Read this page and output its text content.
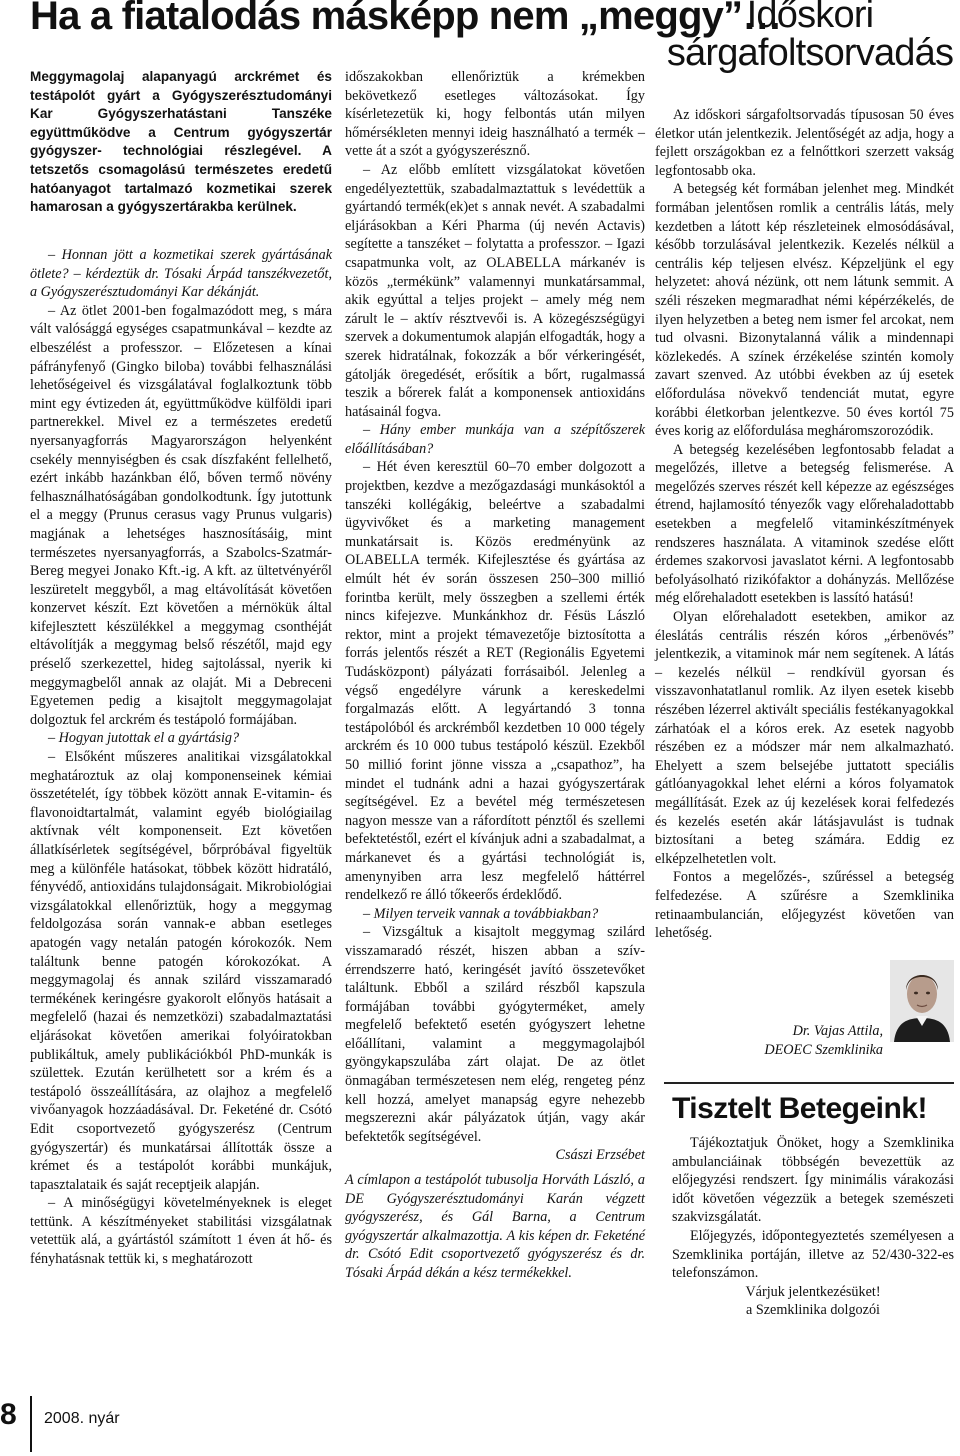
Ha a fiatalodás másképp nem „meggy”…
Időskori sárgafoltsorvadás
Meggymagolaj alapanyagú arckrémet és testápolót gyárt a Gyógyszerésztudományi Kar Gyógyszerhatástani Tanszéke együttműködve a Centrum gyógyszertár gyógyszer- technológiai részlegével. A tetszetős csomagolású természetes eredetű hatóanyagot tartalmazó kozmetikai szerek hamarosan a gyógyszertárakba kerülnek.

– Honnan jött a kozmetikai szerek gyártásának ötlete? – kérdeztük dr. Tósaki Árpád tanszékvezetőt, a Gyógyszerésztudományi Kar dékánját.

– Az ötlet 2001-ben fogalmazódott meg, s mára vált valósággá egységes csapatmunkával – kezdte az elbeszélést a professzor. – Előzetesen a kínai páfrányfenyő (Gingko biloba) további felhasználási lehetőségeivel és vizsgálatával foglalkoztunk több mint egy évtizeden át, együttműködve külföldi ipari partnerekkel. Mivel ez a természetes eredetű nyersanyagforrás Magyarországon helyenként csekély mennyiségben és csak díszfaként fellelhető, ezért inkább hazánkban élő, bőven termő növény felhasználhatóságában gondolkodtunk. Így jutottunk el a meggy (Prunus cerasus vagy Prunus vulgaris) magjának a lehetséges hasznosításáig, mint természetes nyersanyagforrás, a Szabolcs-Szatmár-Bereg megyei Jonako Kft.-ig. A kft. az ültetvényéről leszüretelt meggyből, a mag eltávolítását követően konzervet készít. Ezt követően a mérnökük által kifejlesztett készülékkel a meggymag csonthéját eltávolítják a meggymag belső részétől, majd egy préselő szerkezettel, hideg sajtolással, nyerik ki meggymagbelől annak az olaját. Mi a Debreceni Egyetemen pedig a kisajtolt meggymagolajat dolgoztuk fel arckrém és testápoló formájában.

– Hogyan jutottak el a gyártásig?

– Elsőként műszeres analitikai vizsgálatokkal meghatároztuk az olaj komponenseinek kémiai összetételét, így többek között annak E-vitamin- és flavonoidtartalmát, valamint egyéb biológiailag aktívnak vélt komponenseit. Ezt követően állatkísérletek segítségével, bőrpróbával figyeltük meg a különféle hatásokat, többek között hidratáló, fényvédő, antioxidáns tulajdonságait. Mikrobiológiai vizsgálatokkal ellenőriztük, hogy a meggymag feldolgozása során vannak-e abban esetleges apatogén vagy netalán patogén kórokozók. Nem találtunk benne patogén kórokozókat. A meggymagolaj és annak szilárd visszamaradó termékének keringésre gyakorolt előnyös hatásait a megfelelő (hazai és nemzetközi) szabadalmaztatási eljárásokat követően amerikai folyóiratokban publikáltuk, amely publikációkból PhD-munkák is születtek. Ezután kerülhetett sor a krém és a testápoló összeállítására, az olajhoz a megfelelő vivőanyagok hozzáadásával. Dr. Feketéné dr. Csótó Edit csoportvezető gyógyszerész (Centrum gyógyszertár) és munkatársai állították össze a krémet és a testápolót korábbi munkájuk, tapasztalataik és saját receptjeik alapján.

– A minőségügyi követelményeknek is eleget tettünk. A készítményeket stabilitási vizsgálatnak vetettük alá, a gyártástól számított 1 éven át hő- és fényhatásnak tettük ki, s meghatározott

időszakokban ellenőriztük a krémekben bekövetkező esetleges változásokat. Így kísérletezetük ki, hogy felbontás után milyen hőmérsékleten mennyi ideig használható a termék – vette át a szót a gyógyszerésznő.

– Az előbb említett vizsgálatokat követően engedélyeztettük, szabadalmaztattuk s levédettük a gyártandó termék(ek)et s annak nevét. A szabadalmi eljárásokban a Kéri Pharma (új nevén Actavis) segítette a tanszéket – folytatta a professzor. – Igazi csapatmunka volt, az OLABELLA márkanév is közös „termékünk” valamennyi munkatársammal, akik egyúttal a teljes projekt – amely még nem zárult le – aktív résztvevői is. A közegészségügyi szervek a dokumentumok alapján elfogadták, hogy a szerek hidratálnak, fokozzák a bőr vérkeringését, gátolják öregedését, erősítik a bőrt, rugalmassá teszik a bőrerek falát a komponensek antioxidáns hatásainál fogva.

– Hány ember munkája van a szépítőszerek előállításában?

– Hét éven keresztül 60–70 ember dolgozott a projektben, kezdve a mezőgazdasági munkásoktól a tanszéki kollégákig, beleértve a szabadalmi ügyvivőket és a marketing management munkatársait is. Közös eredményünk az OLABELLA termék. Kifejlesztése és gyártása az elmúlt hét év során összesen 250–300 millió forintba került, mely összegben a szellemi érték nincs kifejezve. Munkánkhoz dr. Fésüs László rektor, mint a projekt témavezetője biztosította a forrás jelentős részét a RET (Regionális Egyetemi Tudásközpont) pályázati forrásaiból. Jelenleg a végső engedélyre várunk a kereskedelmi forgalmazás előtt. A legyártandó 3 tonna testápolóból és arckrémből kezdetben 10 000 tégely arckrém és 10 000 tubus testápoló készül. Ezekből 50 millió forint jönne vissza a „csapathoz”, ha mindet el tudnánk adni a hazai gyógyszertárak segítségével. Ez a bevétel még természetesen nagyon messze van a ráfordított pénztől és szellemi befektetéstől, ezért el kívánjuk adni a szabadalmat, a márkanevet és a gyártási technológiát is, amenynyiben arra lesz megfelelő háttérrel rendelkező re álló tőkeerős érdeklődő.

– Milyen terveik vannak a továbbiakban?

– Vizsgáltuk a kisajtolt meggymag szilárd visszamaradó részét, hiszen abban a szív- érrendszerre ható, keringését javító összetevőket találtunk. Ebből a szilárd részből kapszula formájában további gyógyterméket, amely megfelelő befektető esetén gyógyszert lehetne előállítani, valamint a meggymagolajból gyöngykapszulába zárt olajat. De az ötlet önmagában természetesen nem elég, rengeteg pénz kell hozzá, amelyet manapság egyre nehezebb megszerezni akár pályázatok útján, vagy akár befektetők segítségével.

Császi Erzsébet

A címlapon a testápolót tubusolja Horváth László, a DE Gyógyszerésztudományi Karán végzett gyógyszerész, és Gál Barna, a Centrum gyógyszertár alkalmazottja. A kis képen dr. Feketéné dr. Csótó Edit csoportvezető gyógyszerész és dr. Tósaki Árpád dékán a kész termékekkel.

Az időskori sárgafoltsorvadás típusosan 50 éves életkor után jelentkezik. Jelentőségét az adja, hogy a fejlett országokban ez a felnőttkori szerzett vakság legfontosabb oka.

A betegség két formában jelenhet meg. Mindkét formában jelentősen romlik a centrális látás, mely kezdetben a látott kép részleteinek elmosódásával, később torzulásával jelentkezik. Kezelés nélkül a centrális kép teljesen elvész. Képzeljünk el egy helyzetet: ahová nézünk, ott nem látunk semmit. A széli részeken megmaradhat némi képérzékelés, de ilyen helyzetben a beteg nem ismer fel arcokat, nem tud olvasni. Bizonytalanná válik a mindennapi közlekedés. A színek érzékelése szintén komoly zavart szenved. Az utóbbi években az új esetek előfordulása növekvő tendenciát mutat, egyre korábbi életkorban jelentkezve. 50 éves kortól 75 éves korig az előfordulása megháromszorozódik.

A betegség kezelésében legfontosabb feladat a megelőzés, illetve a betegség felismerése. A megelőzés szerves részét kell képezze az egészséges étrend, hajlamosító tényezők vagy előrehaladottabb esetekben a megfelelő vitaminkészítmények rendszeres használata. A vitaminok szedése előtt érdemes szakorvosi javaslatot kérni. A legfontosabb befolyásolható rizikófaktor a dohányzás. Mellőzése még előrehaladott esetekben is lassító hatású!

Olyan előrehaladott esetekben, amikor az éleslátás centrális részén kóros „érbenövés” jelentkezik, a vitaminok már nem segítenek. A látás – kezelés nélkül – rendkívül gyorsan és visszavonhatatlanul romlik. Az ilyen esetek kisebb részében lézerrel aktivált speciális festékanyagokkal zárhatóak el a kóros erek. Az esetek nagyobb részében ez a módszer már nem alkalmazható. Ehelyett a szem belsejébe juttatott speciális gátlóanyagokkal lehet elérni a kóros folyamatok megállítását. Ezek az új kezelések korai felfedezés és kezelés esetén akár látásjavulást is tudnak biztosítani a beteg számára. Eddig ez elképzelhetetlen volt.

Fontos a megelőzés-, szűréssel a betegség felfedezése. A szűrésre a Szemklinika retinaambulancián, előjegyzést követően van lehetőség.

Dr. Vajas Attila,
DEOEC Szemklinika
Tisztelt Betegeink!

Tájékoztatjuk Önöket, hogy a Szemklinika ambulanciáinak többségén bevezettük az előjegyzési rendszert. Így minimális várakozási időt követően végezzük a betegek szemészeti szakvizsgálatát.

Előjegyzés, időpontegyeztetés személyesen a Szemklinika portáján, illetve az 52/430-322-es telefonszámon.

Várjuk jelentkezésüket!

a Szemklinika dolgozói

8 2008. nyár
